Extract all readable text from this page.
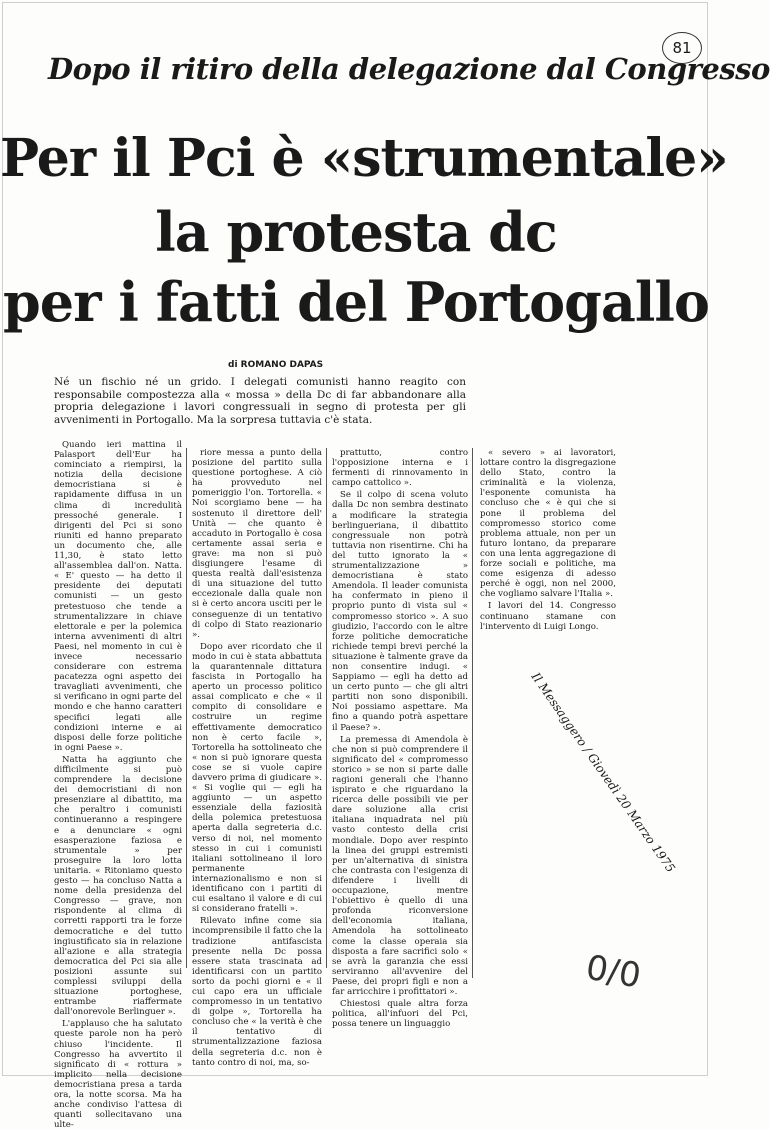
81
Dopo il ritiro della delegazione dal Congresso
Per il Pci è «strumentale»
la protesta dc
per i fatti del Portogallo
di ROMANO DAPAS
Né un fischio né un grido. I delegati comunisti hanno reagito con responsabile compostezza alla « mossa » della Dc di far abbandonare alla propria delegazione i lavori congressuali in segno di protesta per gli avvenimenti in Portogallo. Ma la sorpresa tuttavia c'è stata.

Quando ieri mattina il Palasport dell'Eur ha cominciato a riempirsi, la notizia della decisione democristiana si è rapidamente diffusa in un clima di incredulità pressoché generale. I dirigenti del Pci si sono riuniti ed hanno preparato un documento che, alle 11,30, è stato letto all'assemblea dall'on. Natta. « E' questo — ha detto il presidente dei deputati comunisti — un gesto pretestuoso che tende a strumentalizzare in chiave elettorale e per la polemica interna avvenimenti di altri Paesi, nel momento in cui è invece necessario considerare con estrema pacatezza ogni aspetto dei travagliati avvenimenti, che si verificano in ogni parte del mondo e che hanno caratteri specifici legati alle condizioni interne e ai disposi delle forze politiche in ogni Paese ».

Natta ha aggiunto che difficilmente si può comprendere la decisione dei democristiani di non presenziare al dibattito, ma che peraltro i comunisti continueranno a respingere e a denunciare « ogni esasperazione faziosa e strumentale » per proseguire la loro lotta unitaria. « Ritoniamo questo gesto — ha concluso Natta a nome della presidenza del Congresso — grave, non rispondente al clima di corretti rapporti tra le forze democratiche e del tutto ingiustificato sia in relazione all'azione e alla strategia democratica del Pci sia alle posizioni assunte sui complessi sviluppi della situazione portoghese, entrambe riaffermate dall'onorevole Berlinguer ».

L'applauso che ha salutato queste parole non ha però chiuso l'incidente. Il Congresso ha avvertito il significato di « rottura » implicito nella decisione democristiana presa a tarda ora, la notte scorsa. Ma ha anche condiviso l'attesa di quanti sollecitavano una ulte-

riore messa a punto della posizione del partito sulla questione portoghese. A ciò ha provveduto nel pomeriggio l'on. Tortorella. « Noi scorgiamo bene — ha sostenuto il direttore dell' Unità — che quanto è accaduto in Portogallo è cosa certamente assai seria e grave: ma non si può disgiungere l'esame di questa realtà dall'esistenza di una situazione del tutto eccezionale dalla quale non si è certo ancora usciti per le conseguenze di un tentativo di colpo di Stato reazionario ».

Dopo aver ricordato che il modo in cui è stata abbattuta la quarantennale dittatura fascista in Portogallo ha aperto un processo politico assai complicato e che « il compito di consolidare e costruire un regime effettivamente democratico non è certo facile », Tortorella ha sottolineato che « non si può ignorare questa cose se si vuole capire davvero prima di giudicare ». « Si voglie qui — egli ha aggiunto — un aspetto essenziale della faziosità della polemica pretestuosa aperta dalla segreteria d.c. verso di noi, nel momento stesso in cui i comunisti italiani sottolineano il loro permanente internazionalismo e non si identificano con i partiti di cui esaltano il valore e di cui si considerano fratelli ».

Rilevato infine come sia incomprensibile il fatto che la tradizione antifascista presente nella Dc possa essere stata trascinata ad identificarsi con un partito sorto da pochi giorni e « il cui capo era un ufficiale compromesso in un tentativo di golpe », Tortorella ha concluso che « la verità è che il tentativo di strumentalizzazione faziosa della segreteria d.c. non è tanto contro di noi, ma, so-

prattutto, contro l'opposizione interna e i fermenti di rinnovamento in campo cattolico ».

Se il colpo di scena voluto dalla Dc non sembra destinato a modificare la strategia berlingueriana, il dibattito congressuale non potrà tuttavia non risentirne. Chi ha del tutto ignorato la « strumentalizzazione » democristiana è stato Amendola. Il leader comunista ha confermato in pieno il proprio punto di vista sul « compromesso storico ». A suo giudizio, l'accordo con le altre forze politiche democratiche richiede tempi brevi perché la situazione è talmente grave da non consentire indugi. « Sappiamo — egli ha detto ad un certo punto — che gli altri partiti non sono disponibili. Noi possiamo aspettare. Ma fino a quando potrà aspettare il Paese? ».

La premessa di Amendola è che non si può comprendere il significato del « compromesso storico » se non si parte dalle ragioni generali che l'hanno ispirato e che riguardano la ricerca delle possibili vie per dare soluzione alla crisi italiana inquadrata nel più vasto contesto della crisi mondiale. Dopo aver respinto la linea dei gruppi estremisti per un'alternativa di sinistra che contrasta con l'esigenza di difendere i livelli di occupazione, mentre l'obiettivo è quello di una profonda riconversione dell'economia italiana, Amendola ha sottolineato come la classe operaia sia disposta a fare sacrifici solo « se avrà la garanzia che essi serviranno all'avvenire del Paese, dei propri figli e non a far arricchire i profittatori ».

Chiestosi quale altra forza politica, all'infuori del Pci, possa tenere un linguaggio

« severo » ai lavoratori, lottare contro la disgregazione dello Stato, contro la criminalità e la violenza, l'esponente comunista ha concluso che « è qui che si pone il problema del compromesso storico come problema attuale, non per un futuro lontano, da preparare con una lenta aggregazione di forze sociali e politiche, ma come esigenza di adesso perché è oggi, non nel 2000, che vogliamo salvare l'Italia ».

I lavori del 14. Congresso continuano stamane con l'intervento di Luigi Longo.

Il Messaggero / Giovedì 20 Marzo 1975
0/0
